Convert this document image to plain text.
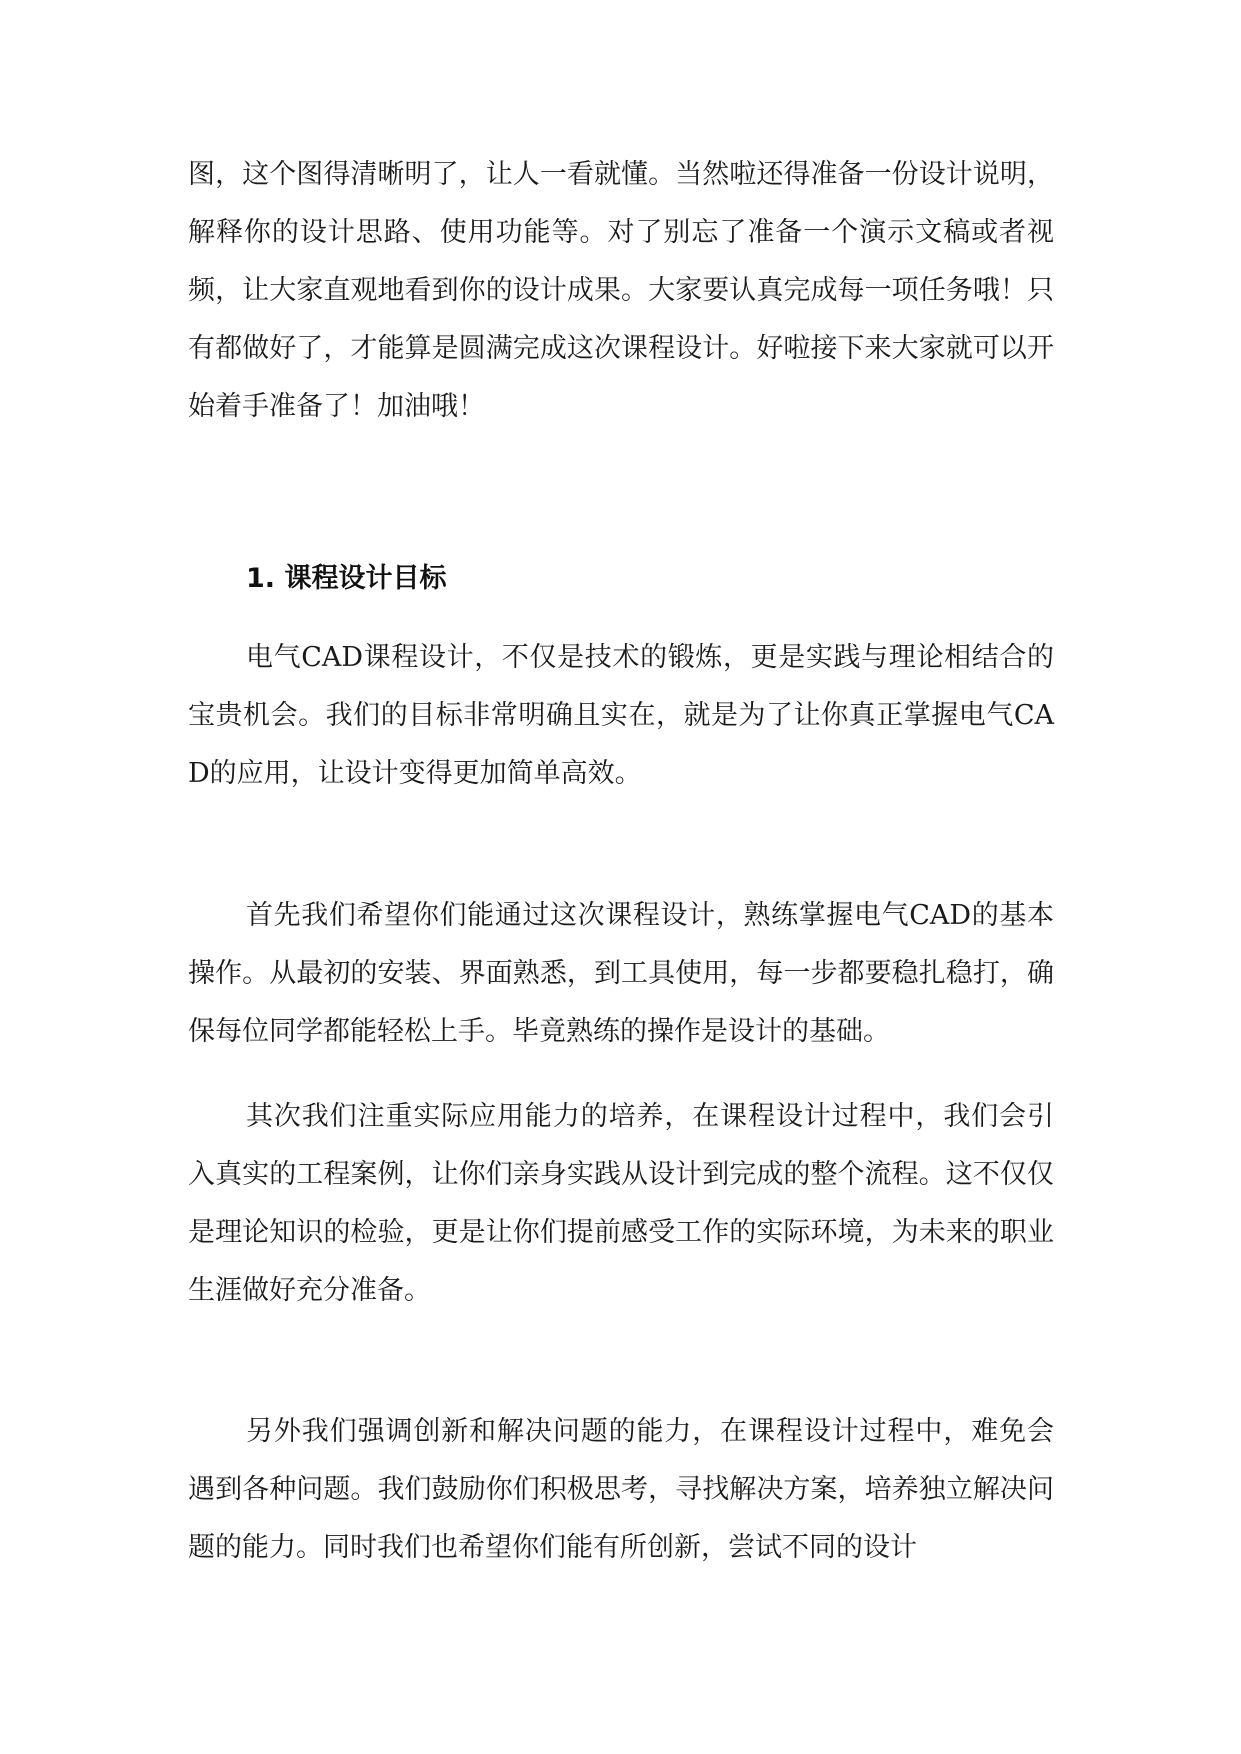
图，这个图得清晰明了，让人一看就懂。当然啦还得准备一份设计说明，解释你的设计思路、使用功能等。对了别忘了准备一个演示文稿或者视频，让大家直观地看到你的设计成果。大家要认真完成每一项任务哦！只有都做好了，才能算是圆满完成这次课程设计。好啦接下来大家就可以开始着手准备了！加油哦！

1. 课程设计目标

电气CAD课程设计，不仅是技术的锻炼，更是实践与理论相结合的宝贵机会。我们的目标非常明确且实在，就是为了让你真正掌握电气CAD的应用，让设计变得更加简单高效。

首先我们希望你们能通过这次课程设计，熟练掌握电气CAD的基本操作。从最初的安装、界面熟悉，到工具使用，每一步都要稳扎稳打，确保每位同学都能轻松上手。毕竟熟练的操作是设计的基础。

其次我们注重实际应用能力的培养，在课程设计过程中，我们会引入真实的工程案例，让你们亲身实践从设计到完成的整个流程。这不仅仅是理论知识的检验，更是让你们提前感受工作的实际环境，为未来的职业生涯做好充分准备。

另外我们强调创新和解决问题的能力，在课程设计过程中，难免会遇到各种问题。我们鼓励你们积极思考，寻找解决方案，培养独立解决问题的能力。同时我们也希望你们能有所创新，尝试不同的设计
